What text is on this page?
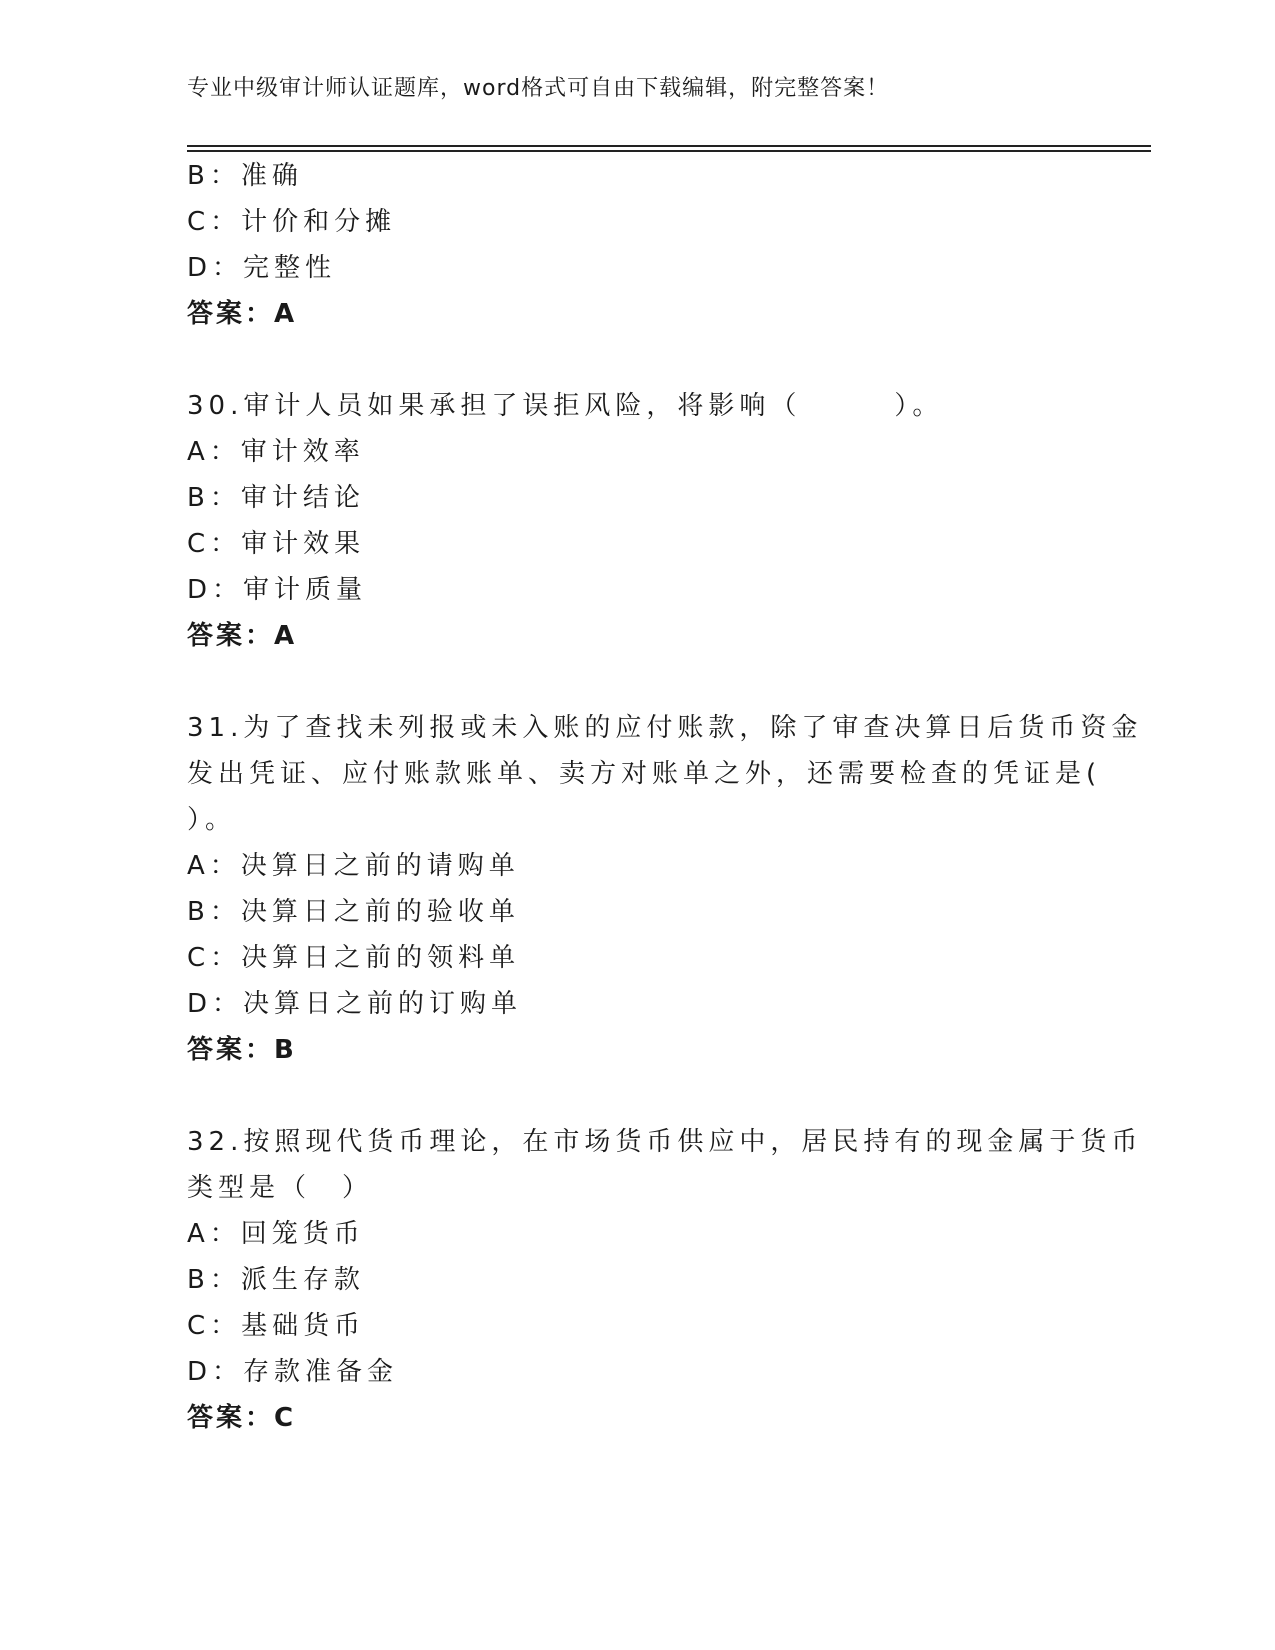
专业中级审计师认证题库，word格式可自由下载编辑，附完整答案！
B：准确
C：计价和分摊
D：完整性
答案：A
30.审计人员如果承担了误拒风险，将影响（　　　）。
A：审计效率
B：审计结论
C：审计效果
D：审计质量
答案：A
31.为了查找未列报或未入账的应付账款，除了审查决算日后货币资金
发出凭证、应付账款账单、卖方对账单之外，还需要检查的凭证是(
）。
A：决算日之前的请购单
B：决算日之前的验收单
C：决算日之前的领料单
D：决算日之前的订购单
答案：B
32.按照现代货币理论，在市场货币供应中，居民持有的现金属于货币
类型是（　）
A：回笼货币
B：派生存款
C：基础货币
D：存款准备金
答案：C
